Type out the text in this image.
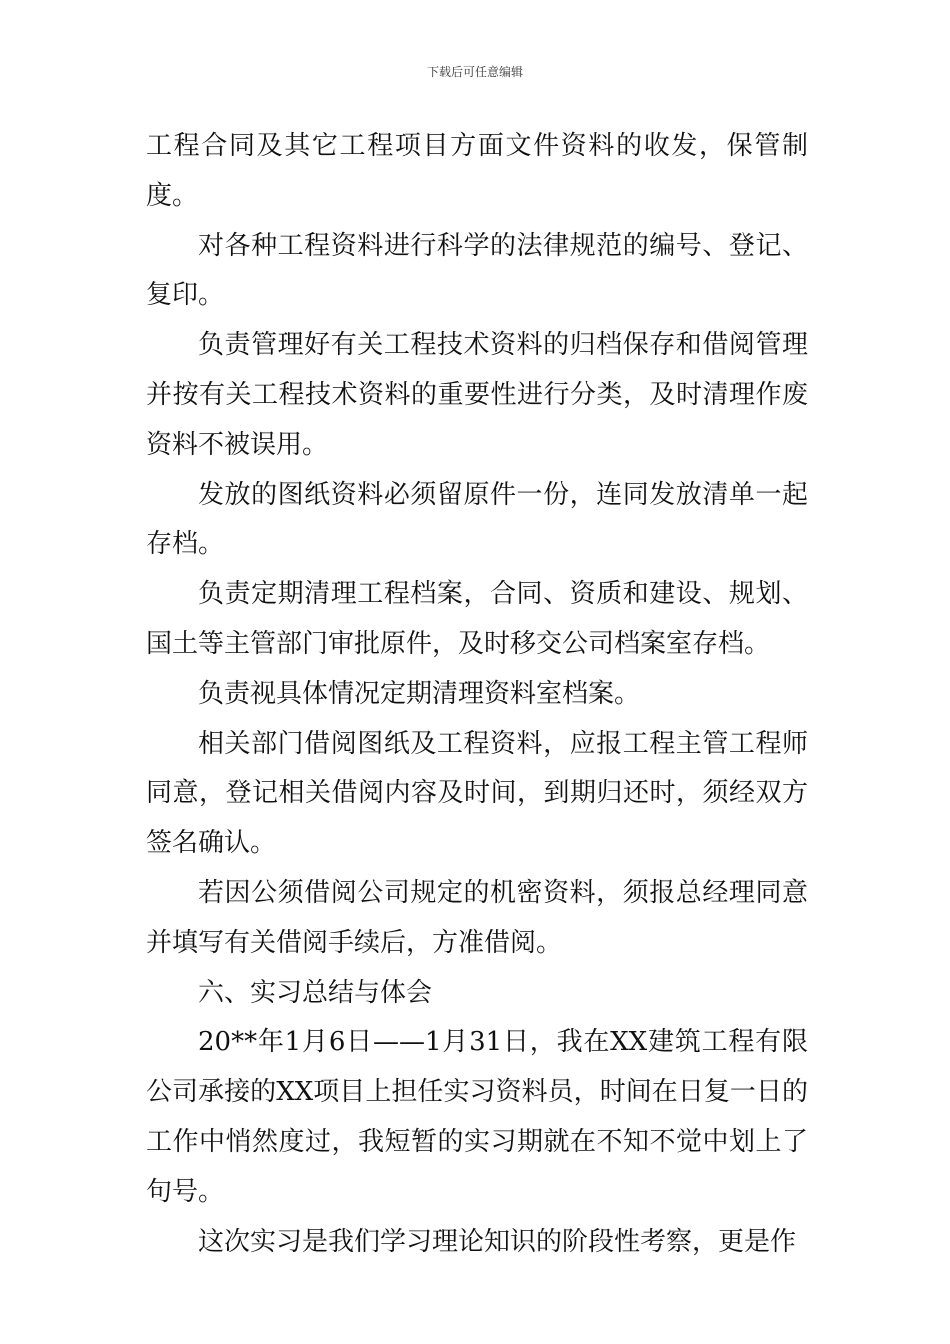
下载后可任意编辑

工程合同及其它工程项目方面文件资料的收发，保管制度。

对各种工程资料进行科学的法律规范的编号、登记、复印。

负责管理好有关工程技术资料的归档保存和借阅管理并按有关工程技术资料的重要性进行分类，及时清理作废资料不被误用。

发放的图纸资料必须留原件一份，连同发放清单一起存档。

负责定期清理工程档案，合同、资质和建设、规划、国土等主管部门审批原件，及时移交公司档案室存档。

负责视具体情况定期清理资料室档案。

相关部门借阅图纸及工程资料，应报工程主管工程师同意，登记相关借阅内容及时间，到期归还时，须经双方签名确认。

若因公须借阅公司规定的机密资料，须报总经理同意并填写有关借阅手续后，方准借阅。

六、实习总结与体会

20**年1月6日——1月31日，我在XX建筑工程有限公司承接的XX项目上担任实习资料员，时间在日复一日的工作中悄然度过，我短暂的实习期就在不知不觉中划上了句号。

这次实习是我们学习理论知识的阶段性考察，更是作
